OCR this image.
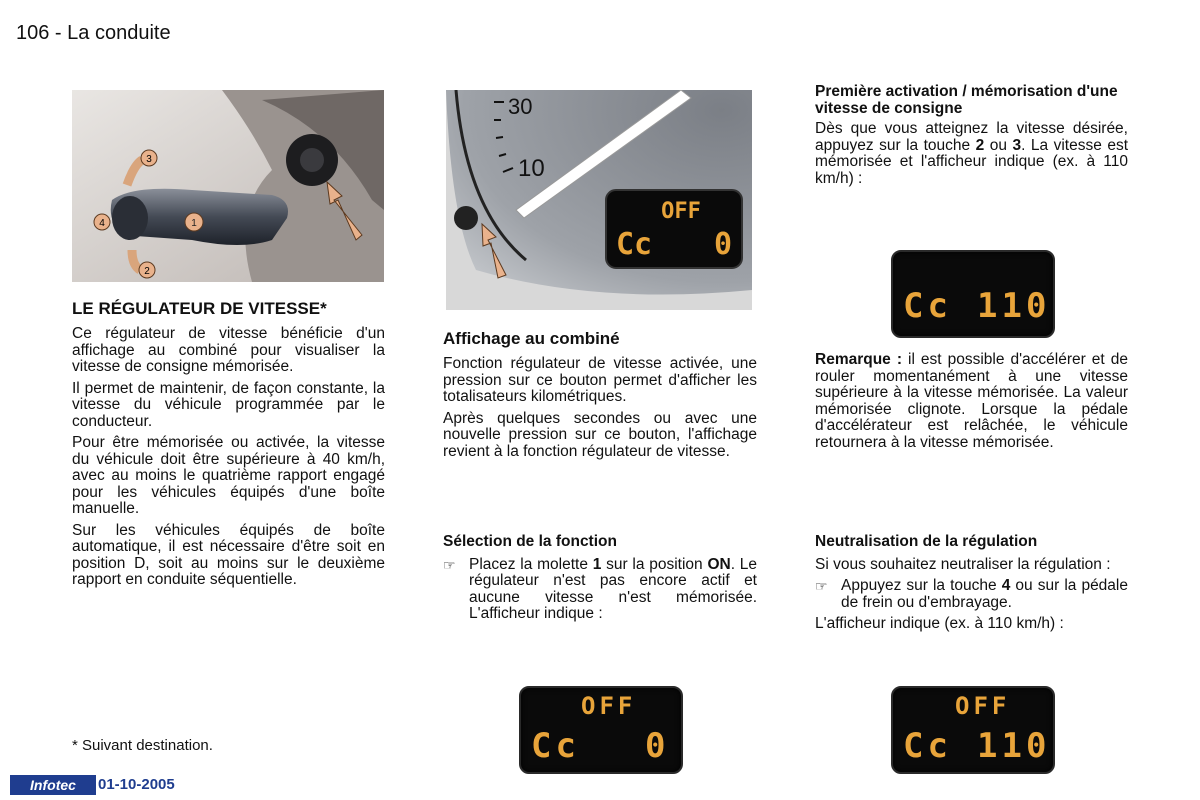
106 - La conduite
1
3
2
4
LE RÉGULATEUR DE VITESSE*

Ce régulateur de vitesse bénéficie d'un affichage au combiné pour visualiser la vitesse de consigne mémorisée.

Il permet de maintenir, de façon constante, la vitesse du véhicule programmée par le conducteur.

Pour être mémorisée ou activée, la vitesse du véhicule doit être supérieure à 40 km/h, avec au moins le quatrième rapport engagé pour les véhicules équipés d'une boîte manuelle.

Sur les véhicules équipés de boîte automatique, il est nécessaire d'être soit en position D, soit au moins sur le deuxième rapport en conduite séquentielle.

* Suivant destination.
30
10
OFF
Cc 0
Affichage au combiné

Fonction régulateur de vitesse activée, une pression sur ce bouton permet d'afficher les totalisateurs kilométriques.

Après quelques secondes ou avec une nouvelle pression sur ce bouton, l'affichage revient à la fonction régulateur de vitesse.

Sélection de la fonction
☞ Placez la molette 1 sur la position ON. Le régulateur n'est pas encore actif et aucune vitesse n'est mémorisée. L'afficheur indique :
OFF
Cc 0
Première activation / mémorisation d'une vitesse de consigne

Dès que vous atteignez la vitesse désirée, appuyez sur la touche 2 ou 3. La vitesse est mémorisée et l'afficheur indique (ex. à 110 km/h) :

Cc 110

Remarque : il est possible d'accélérer et de rouler momentanément à une vitesse supérieure à la vitesse mémorisée. La valeur mémorisée clignote. Lorsque la pédale d'accélérateur est relâchée, le véhicule retournera à la vitesse mémorisée.

Neutralisation de la régulation

Si vous souhaitez neutraliser la régulation :

☞ Appuyez sur la touche 4 ou sur la pédale de frein ou d'embrayage.

L'afficheur indique (ex. à 110 km/h) :

OFF
Cc 110
Infotec	01-10-2005
